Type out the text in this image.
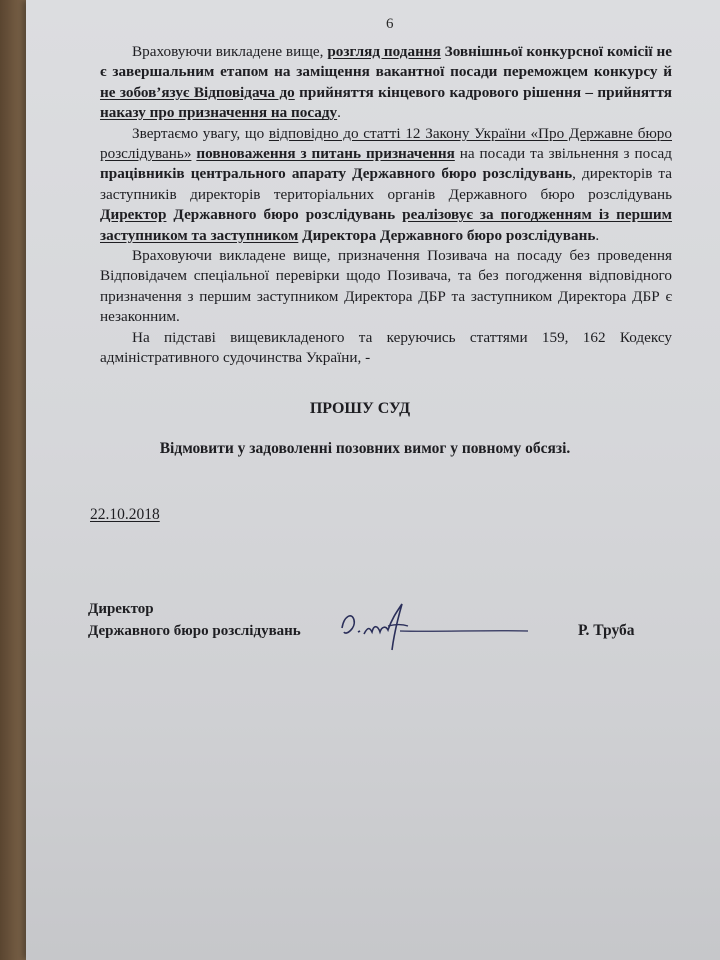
6

Враховуючи викладене вище, розгляд подання Зовнішньої конкурсної комісії не є завершальним етапом на заміщення вакантної посади переможцем конкурсу й не зобов’язує Відповідача до прийняття кінцевого кадрового рішення – прийняття наказу про призначення на посаду.

Звертаємо увагу, що відповідно до статті 12 Закону України «Про Державне бюро розслідувань» повноваження з питань призначення на посади та звільнення з посад працівників центрального апарату Державного бюро розслідувань, директорів та заступників директорів територіальних органів Державного бюро розслідувань Директор Державного бюро розслідувань реалізовує за погодженням із першим заступником та заступником Директора Державного бюро розслідувань.

Враховуючи викладене вище, призначення Позивача на посаду без проведення Відповідачем спеціальної перевірки щодо Позивача, та без погодження відповідного призначення з першим заступником Директора ДБР та заступником Директора ДБР є незаконним.

На підставі вищевикладеного та керуючись статтями 159, 162 Кодексу адміністративного судочинства України, -

ПРОШУ СУД
Відмовити у задоволенні позовних вимог у повному обсязі.
22.10.2018
Директор
Державного бюро розслідувань	Р. Труба
